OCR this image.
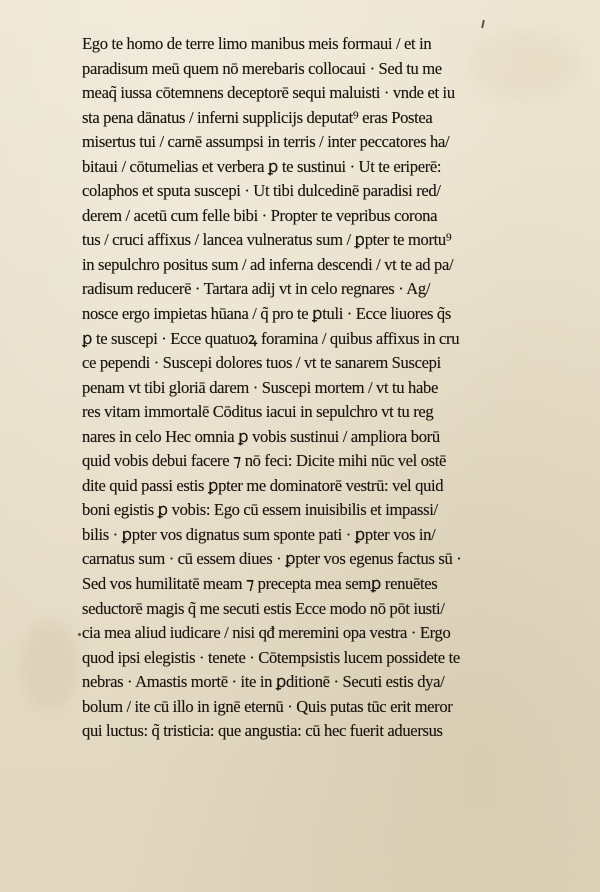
Ego te homo de terre limo manibus meis formaui / et in
paradisum meū quem nō merebaris collocaui · Sed tu me
meaq̃ iussa cōtemnens deceptorē sequi maluisti · vnde et iu
sta pena dānatus / inferni supplicijs deputat⁹ eras Postea
misertus tui / carnē assumpsi in terris / inter peccatores ha/
bitaui / cōtumelias et verbera ꝑ te sustinui · Ut te eriperē:
colaphos et sputa suscepi · Ut tibi dulcedinē paradisi red/
derem / acetū cum felle bibi · Propter te vepribus corona
tus / cruci affixus / lancea vulneratus sum / ꝑpter te mortu⁹
in sepulchro positus sum / ad inferna descendi / vt te ad pa/
radisum reducerē · Tartara adij vt in celo regnares · Ag/
nosce ergo impietas hūana / q̃ pro te ꝑtuli · Ecce liuores q̃s
ꝑ te suscepi · Ecce quatuoꝝ foramina / quibus affixus in cru
ce pependi · Suscepi dolores tuos / vt te sanarem Suscepi
penam vt tibi gloriā darem · Suscepi mortem / vt tu habe
res vitam immortalē Cōditus iacui in sepulchro vt tu reg
nares in celo Hec omnia ꝑ vobis sustinui / ampliora borū
quid vobis debui facere ⁊ nō feci: Dicite mihi nūc vel ostē
dite quid passi estis ꝑpter me dominatorē vestrū: vel quid
boni egistis ꝑ vobis: Ego cū essem inuisibilis et impassi/
bilis · ꝑpter vos dignatus sum sponte pati · ꝑpter vos in/
carnatus sum · cū essem diues · ꝑpter vos egenus factus sū ·
Sed vos humilitatē meam ⁊ precepta mea semꝑ renuētes
seductorē magis q̃ me secuti estis Ecce modo nō pōt iusti/
cia mea aliud iudicare / nisi qđ meremini opa vestra · Ergo
quod ipsi elegistis · tenete · Cōtempsistis lucem possidete te
nebras · Amastis mortē · ite in ꝑditionē · Secuti estis dya/
bolum / ite cū illo in ignē eternū · Quis putas tūc erit meror
qui luctus: q̃ tristicia: que angustia: cū hec fuerit aduersus
